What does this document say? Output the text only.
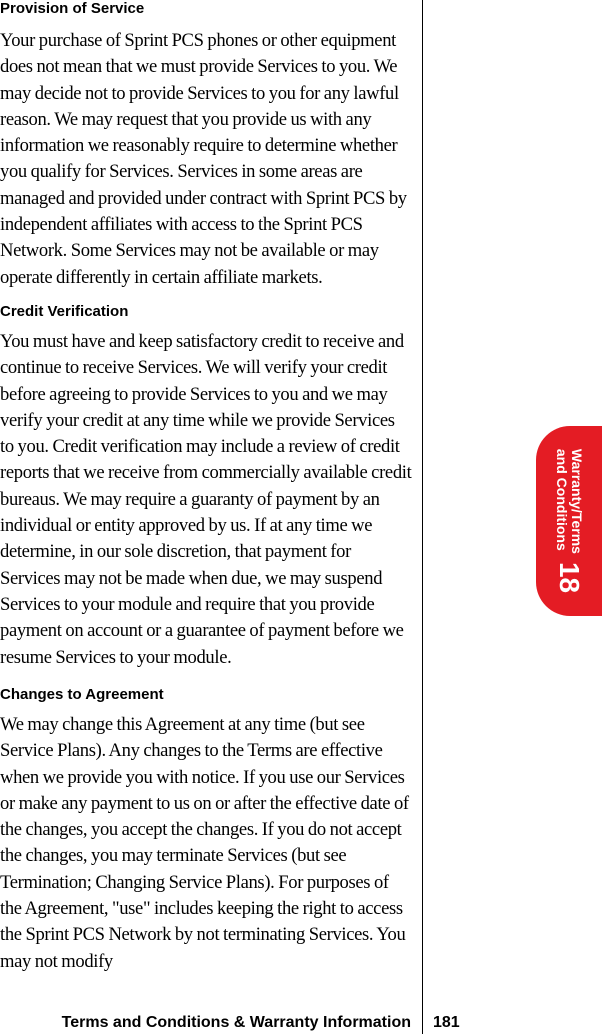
Provision of Service

Your purchase of Sprint PCS phones or other equipment does not mean that we must provide Services to you. We may decide not to provide Services to you for any lawful reason. We may request that you provide us with any information we reasonably require to determine whether you qualify for Services. Services in some areas are managed and provided under contract with Sprint PCS by independent affiliates with access to the Sprint PCS Network. Some Services may not be available or may operate differently in certain affiliate markets.

Credit Verification

You must have and keep satisfactory credit to receive and continue to receive Services. We will verify your credit before agreeing to provide Services to you and we may verify your credit at any time while we provide Services to you. Credit verification may include a review of credit reports that we receive from commercially available credit bureaus. We may require a guaranty of payment by an individual or entity approved by us. If at any time we determine, in our sole discretion, that payment for Services may not be made when due, we may suspend Services to your module and require that you provide payment on account or a guarantee of payment before we resume Services to your module.

Changes to Agreement

We may change this Agreement at any time (but see Service Plans). Any changes to the Terms are effective when we provide you with notice. If you use our Services or make any payment to us on or after the effective date of the changes, you accept the changes. If you do not accept the changes, you may terminate Services (but see Termination; Changing Service Plans). For purposes of the Agreement, "use" includes keeping the right to access the Sprint PCS Network by not terminating Services. You may not modify

Warranty/Terms
and Conditions
18
Terms and Conditions & Warranty Information 181
